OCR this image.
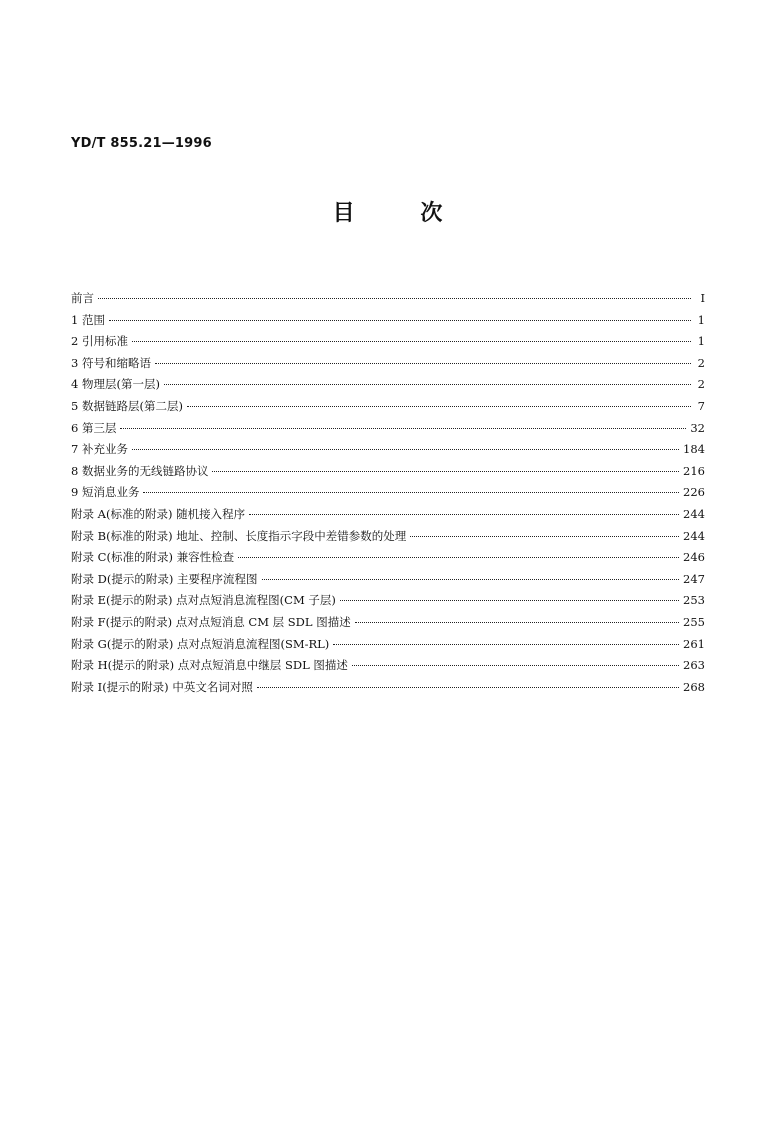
YD/T 855.21—1996
目 次
前言	Ⅰ
1 范围	1
2 引用标准	1
3 符号和缩略语	2
4 物理层(第一层)	2
5 数据链路层(第二层)	7
6 第三层	32
7 补充业务	184
8 数据业务的无线链路协议	216
9 短消息业务	226
附录 A(标准的附录) 随机接入程序	244
附录 B(标准的附录) 地址、控制、长度指示字段中差错参数的处理	244
附录 C(标准的附录) 兼容性检查	246
附录 D(提示的附录) 主要程序流程图	247
附录 E(提示的附录) 点对点短消息流程图(CM 子层)	253
附录 F(提示的附录) 点对点短消息 CM 层 SDL 图描述	255
附录 G(提示的附录) 点对点短消息流程图(SM-RL)	261
附录 H(提示的附录) 点对点短消息中继层 SDL 图描述	263
附录 I(提示的附录) 中英文名词对照	268
